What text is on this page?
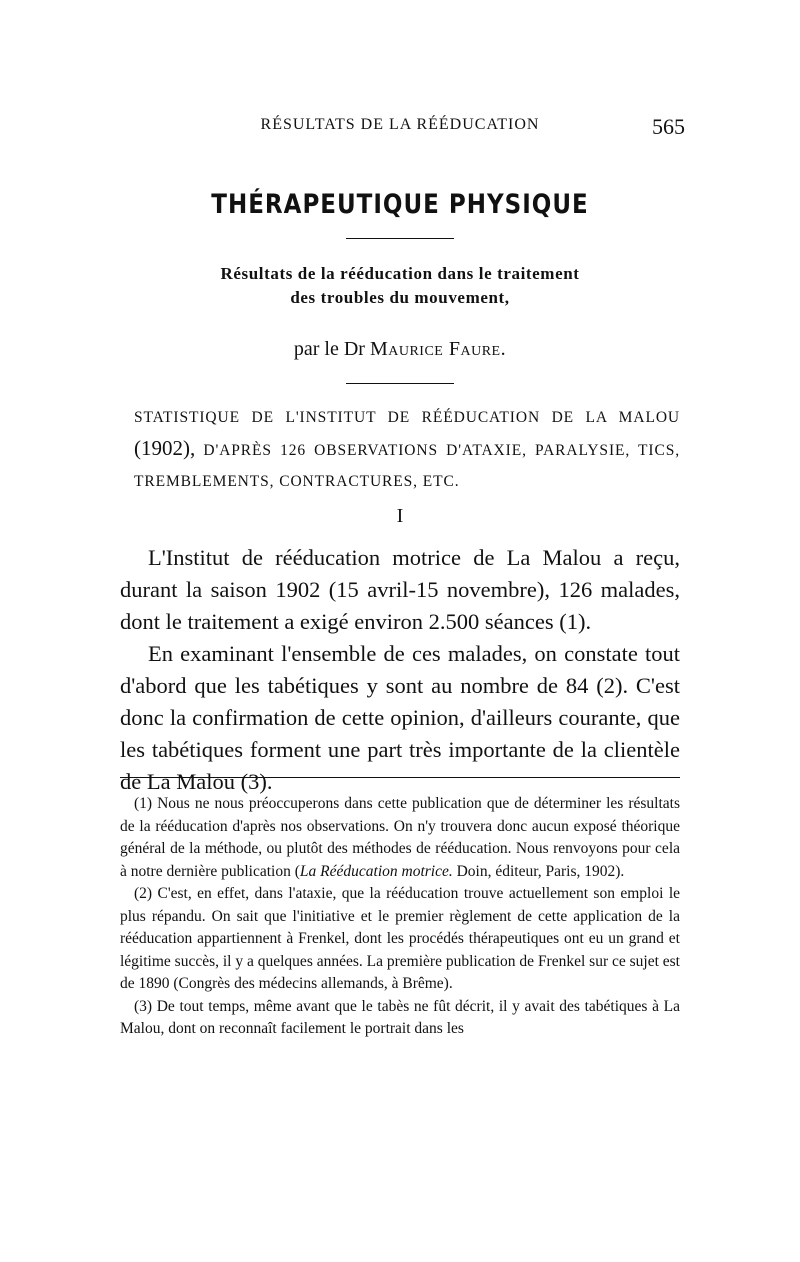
RÉSULTATS DE LA RÉÉDUCATION	565
THÉRAPEUTIQUE PHYSIQUE
Résultats de la rééducation dans le traitement
des troubles du mouvement,
par le Dr Maurice Faure.
STATISTIQUE DE L'INSTITUT DE RÉÉDUCATION DE LA MALOU (1902), D'APRÈS 126 OBSERVATIONS D'ATAXIE, PARALYSIE, TICS, TREMBLEMENTS, CONTRACTURES, ETC.
I

L'Institut de rééducation motrice de La Malou a reçu, durant la saison 1902 (15 avril-15 novembre), 126 malades, dont le traitement a exigé environ 2.500 séances (1).

En examinant l'ensemble de ces malades, on constate tout d'abord que les tabétiques y sont au nombre de 84 (2). C'est donc la confirmation de cette opinion, d'ailleurs courante, que les tabétiques forment une part très importante de la clientèle de La Malou (3).

(1) Nous ne nous préoccuperons dans cette publication que de déterminer les résultats de la rééducation d'après nos observations. On n'y trouvera donc aucun exposé théorique général de la méthode, ou plutôt des méthodes de rééducation. Nous renvoyons pour cela à notre dernière publication (La Rééducation motrice. Doin, éditeur, Paris, 1902).

(2) C'est, en effet, dans l'ataxie, que la rééducation trouve actuellement son emploi le plus répandu. On sait que l'initiative et le premier règlement de cette application de la rééducation appartiennent à Frenkel, dont les procédés thérapeutiques ont eu un grand et légitime succès, il y a quelques années. La première publication de Frenkel sur ce sujet est de 1890 (Congrès des médecins allemands, à Brême).

(3) De tout temps, même avant que le tabès ne fût décrit, il y avait des tabétiques à La Malou, dont on reconnaît facilement le portrait dans les
